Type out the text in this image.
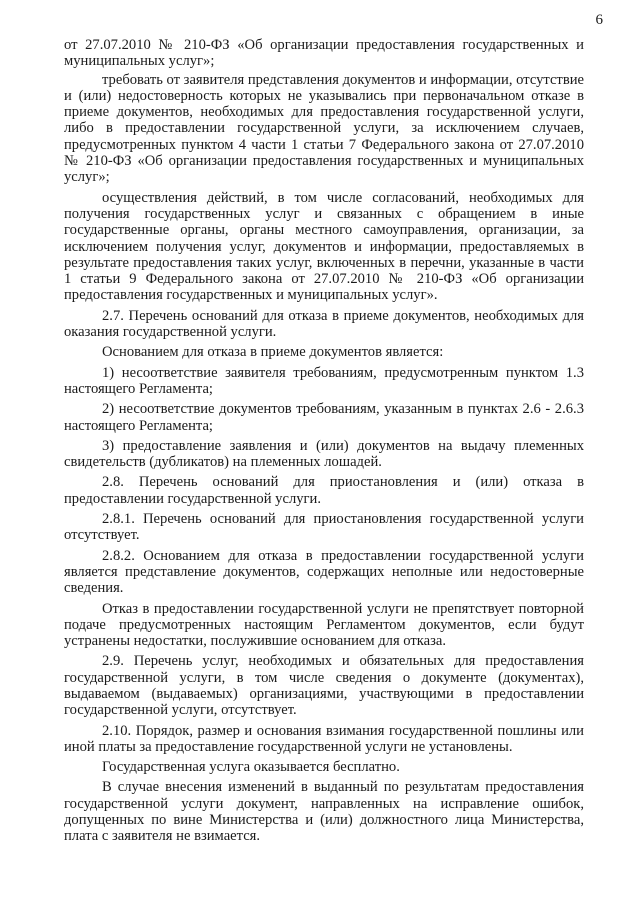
6

от 27.07.2010 № 210-ФЗ «Об организации предоставления государственных и муниципальных услуг»;

требовать от заявителя представления документов и информации, отсутствие и (или) недостоверность которых не указывались при первоначальном отказе в приеме документов, необходимых для предоставления государственной услуги, либо в предоставлении государственной услуги, за исключением случаев, предусмотренных пунктом 4 части 1 статьи 7 Федерального закона от 27.07.2010 № 210-ФЗ «Об организации предоставления государственных и муниципальных услуг»;

осуществления действий, в том числе согласований, необходимых для получения государственных услуг и связанных с обращением в иные государственные органы, органы местного самоуправления, организации, за исключением получения услуг, документов и информации, предоставляемых в результате предоставления таких услуг, включенных в перечни, указанные в части 1 статьи 9 Федерального закона от 27.07.2010 № 210-ФЗ «Об организации предоставления государственных и муниципальных услуг».

2.7. Перечень оснований для отказа в приеме документов, необходимых для оказания государственной услуги.

Основанием для отказа в приеме документов является:

1) несоответствие заявителя требованиям, предусмотренным пунктом 1.3 настоящего Регламента;

2) несоответствие документов требованиям, указанным в пунктах 2.6 - 2.6.3 настоящего Регламента;

3) предоставление заявления и (или) документов на выдачу племенных свидетельств (дубликатов) на племенных лошадей.

2.8. Перечень оснований для приостановления и (или) отказа в предоставлении государственной услуги.

2.8.1. Перечень оснований для приостановления государственной услуги отсутствует.

2.8.2. Основанием для отказа в предоставлении государственной услуги является представление документов, содержащих неполные или недостоверные сведения.

Отказ в предоставлении государственной услуги не препятствует повторной подаче предусмотренных настоящим Регламентом документов, если будут устранены недостатки, послужившие основанием для отказа.

2.9. Перечень услуг, необходимых и обязательных для предоставления государственной услуги, в том числе сведения о документе (документах), выдаваемом (выдаваемых) организациями, участвующими в предоставлении государственной услуги, отсутствует.

2.10. Порядок, размер и основания взимания государственной пошлины или иной платы за предоставление государственной услуги не установлены.

Государственная услуга оказывается бесплатно.

В случае внесения изменений в выданный по результатам предоставления государственной услуги документ, направленных на исправление ошибок, допущенных по вине Министерства и (или) должностного лица Министерства, плата с заявителя не взимается.
